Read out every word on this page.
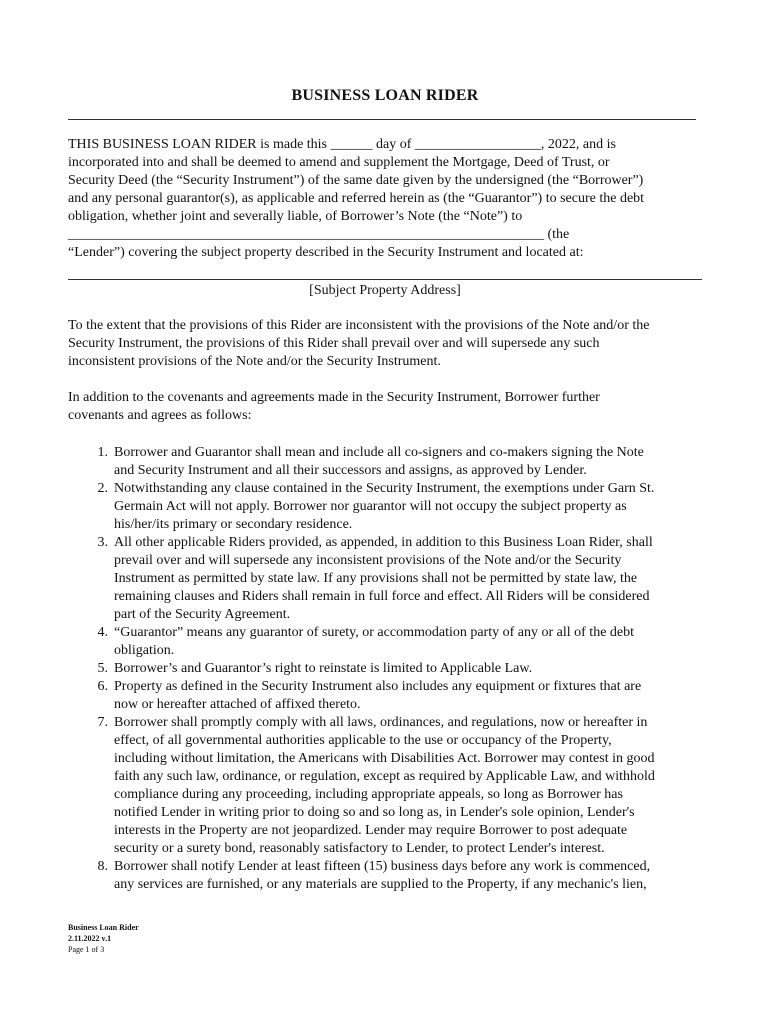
BUSINESS LOAN RIDER
THIS BUSINESS LOAN RIDER is made this ______ day of __________________, 2022, and is
incorporated into and shall be deemed to amend and supplement the Mortgage, Deed of Trust, or
Security Deed (the “Security Instrument”) of the same date given by the undersigned (the “Borrower”)
and any personal guarantor(s), as applicable and referred herein as (the “Guarantor”) to secure the debt
obligation, whether joint and severally liable, of Borrower’s Note (the “Note”) to
____________________________________________________________________ (the
“Lender”) covering the subject property described in the Security Instrument and located at:
[Subject Property Address]
To the extent that the provisions of this Rider are inconsistent with the provisions of the Note and/or the
Security Instrument, the provisions of this Rider shall prevail over and will supersede any such
inconsistent provisions of the Note and/or the Security Instrument.
In addition to the covenants and agreements made in the Security Instrument, Borrower further
covenants and agrees as follows:
1. Borrower and Guarantor shall mean and include all co-signers and co-makers signing the Note
and Security Instrument and all their successors and assigns, as approved by Lender.
2. Notwithstanding any clause contained in the Security Instrument, the exemptions under Garn St.
Germain Act will not apply. Borrower nor guarantor will not occupy the subject property as
his/her/its primary or secondary residence.
3. All other applicable Riders provided, as appended, in addition to this Business Loan Rider, shall
prevail over and will supersede any inconsistent provisions of the Note and/or the Security
Instrument as permitted by state law. If any provisions shall not be permitted by state law, the
remaining clauses and Riders shall remain in full force and effect. All Riders will be considered
part of the Security Agreement.
4. “Guarantor” means any guarantor of surety, or accommodation party of any or all of the debt
obligation.
5. Borrower’s and Guarantor’s right to reinstate is limited to Applicable Law.
6. Property as defined in the Security Instrument also includes any equipment or fixtures that are
now or hereafter attached of affixed thereto.
7. Borrower shall promptly comply with all laws, ordinances, and regulations, now or hereafter in
effect, of all governmental authorities applicable to the use or occupancy of the Property,
including without limitation, the Americans with Disabilities Act. Borrower may contest in good
faith any such law, ordinance, or regulation, except as required by Applicable Law, and withhold
compliance during any proceeding, including appropriate appeals, so long as Borrower has
notified Lender in writing prior to doing so and so long as, in Lender's sole opinion, Lender's
interests in the Property are not jeopardized. Lender may require Borrower to post adequate
security or a surety bond, reasonably satisfactory to Lender, to protect Lender's interest.
8. Borrower shall notify Lender at least fifteen (15) business days before any work is commenced,
any services are furnished, or any materials are supplied to the Property, if any mechanic's lien,
Business Loan Rider
2.11.2022 v.1
Page 1 of 3
